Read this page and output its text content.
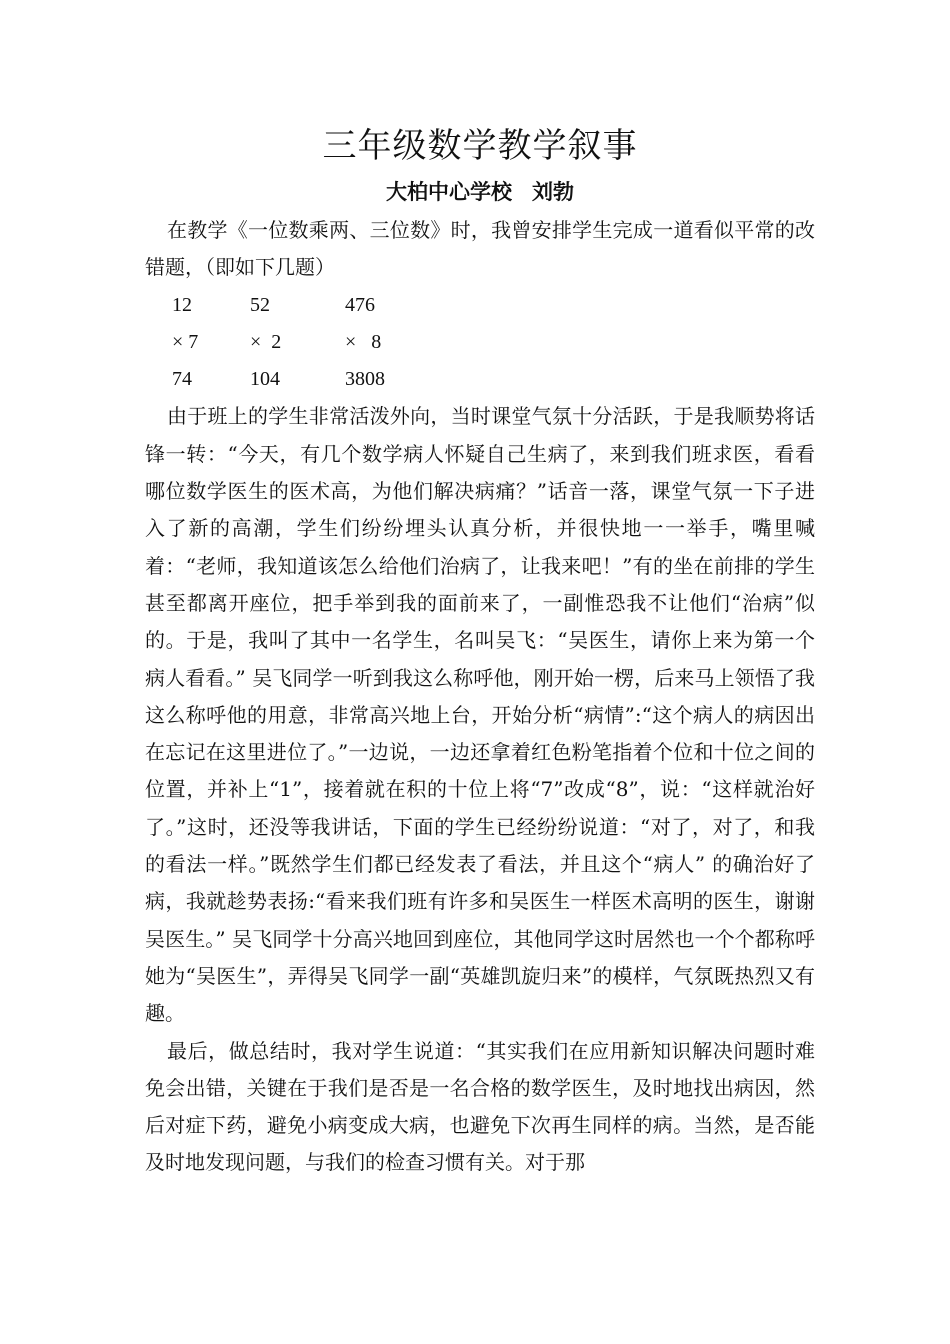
三年级数学教学叙事
大柏中心学校 刘勃

在教学《一位数乘两、三位数》时，我曾安排学生完成一道看似平常的改错题，（即如下几题）

12	52	476
× 7	×  2	×   8
74	104	3808

由于班上的学生非常活泼外向，当时课堂气氛十分活跃，于是我顺势将话锋一转：“今天，有几个数学病人怀疑自己生病了，来到我们班求医，看看哪位数学医生的医术高，为他们解决病痛？”话音一落，课堂气氛一下子进入了新的高潮，学生们纷纷埋头认真分析，并很快地一一举手，嘴里喊着：“老师，我知道该怎么给他们治病了，让我来吧！”有的坐在前排的学生甚至都离开座位，把手举到我的面前来了，一副惟恐我不让他们“治病”似的。于是，我叫了其中一名学生，名叫吴飞：“吴医生，请你上来为第一个病人看看。” 吴飞同学一听到我这么称呼他，刚开始一楞，后来马上领悟了我这么称呼他的用意，非常高兴地上台，开始分析“病情”:“这个病人的病因出在忘记在这里进位了。”一边说，一边还拿着红色粉笔指着个位和十位之间的位置，并补上“1”，接着就在积的十位上将“7”改成“8”，说：“这样就治好了。”这时，还没等我讲话，下面的学生已经纷纷说道：“对了，对了，和我的看法一样。”既然学生们都已经发表了看法，并且这个“病人” 的确治好了病，我就趁势表扬:“看来我们班有许多和吴医生一样医术高明的医生，谢谢吴医生。” 吴飞同学十分高兴地回到座位，其他同学这时居然也一个个都称呼她为“吴医生”，弄得吴飞同学一副“英雄凯旋归来”的模样，气氛既热烈又有趣。

最后，做总结时，我对学生说道：“其实我们在应用新知识解决问题时难免会出错，关键在于我们是否是一名合格的数学医生，及时地找出病因，然后对症下药，避免小病变成大病，也避免下次再生同样的病。当然，是否能及时地发现问题，与我们的检查习惯有关。对于那
